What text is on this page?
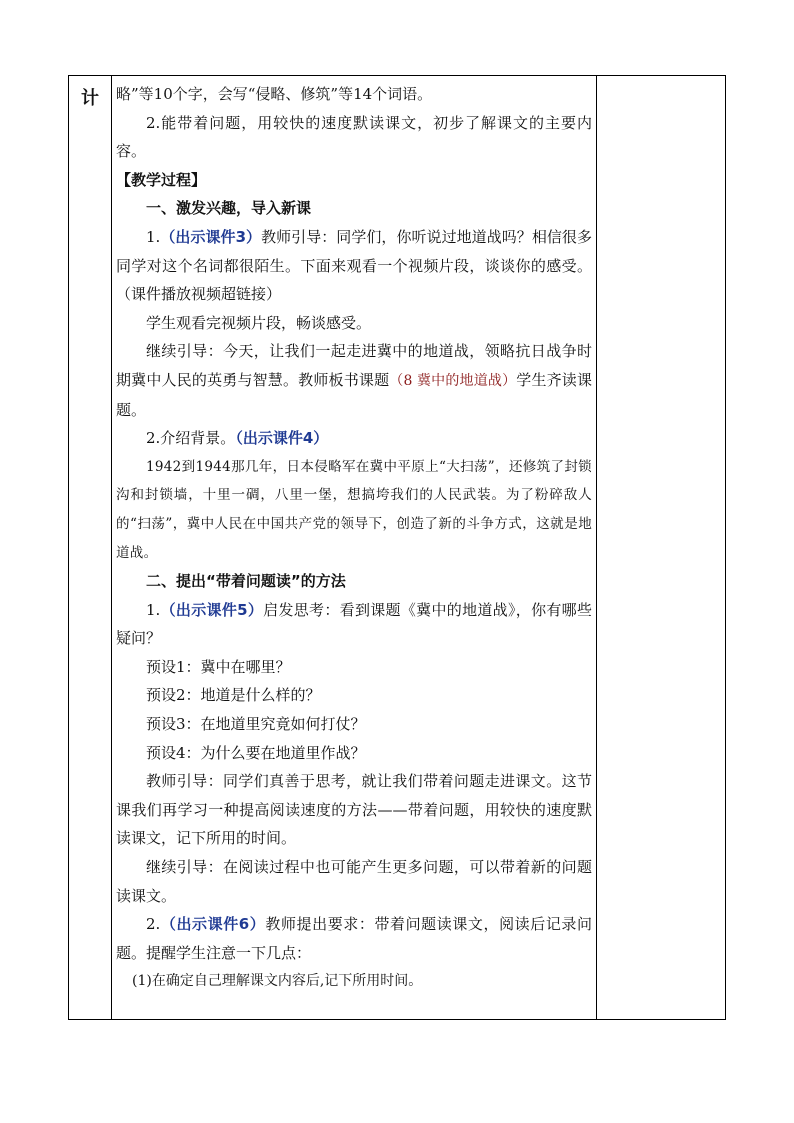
计	略”等10个字，会写“侵略、修筑”等14个词语。

2.能带着问题，用较快的速度默读课文，初步了解课文的主要内容。

【教学过程】

一、激发兴趣，导入新课

1.（出示课件3）教师引导：同学们，你听说过地道战吗？相信很多同学对这个名词都很陌生。下面来观看一个视频片段，谈谈你的感受。（课件播放视频超链接）

学生观看完视频片段，畅谈感受。

继续引导：今天，让我们一起走进冀中的地道战，领略抗日战争时期冀中人民的英勇与智慧。教师板书课题（8 冀中的地道战）学生齐读课题。

2.介绍背景。（出示课件4）

1942到1944那几年，日本侵略军在冀中平原上“大扫荡”，还修筑了封锁沟和封锁墙，十里一碉，八里一堡，想搞垮我们的人民武装。为了粉碎敌人的“扫荡”，冀中人民在中国共产党的领导下，创造了新的斗争方式，这就是地道战。

二、提出“带着问题读”的方法

1.（出示课件5）启发思考：看到课题《冀中的地道战》，你有哪些疑问？

预设1：冀中在哪里？

预设2：地道是什么样的？

预设3：在地道里究竟如何打仗？

预设4：为什么要在地道里作战？

教师引导：同学们真善于思考，就让我们带着问题走进课文。这节课我们再学习一种提高阅读速度的方法——带着问题，用较快的速度默读课文，记下所用的时间。

继续引导：在阅读过程中也可能产生更多问题，可以带着新的问题读课文。

2.（出示课件6）教师提出要求：带着问题读课文，阅读后记录问题。提醒学生注意一下几点：

(1)在确定自己理解课文内容后,记下所用时间。
